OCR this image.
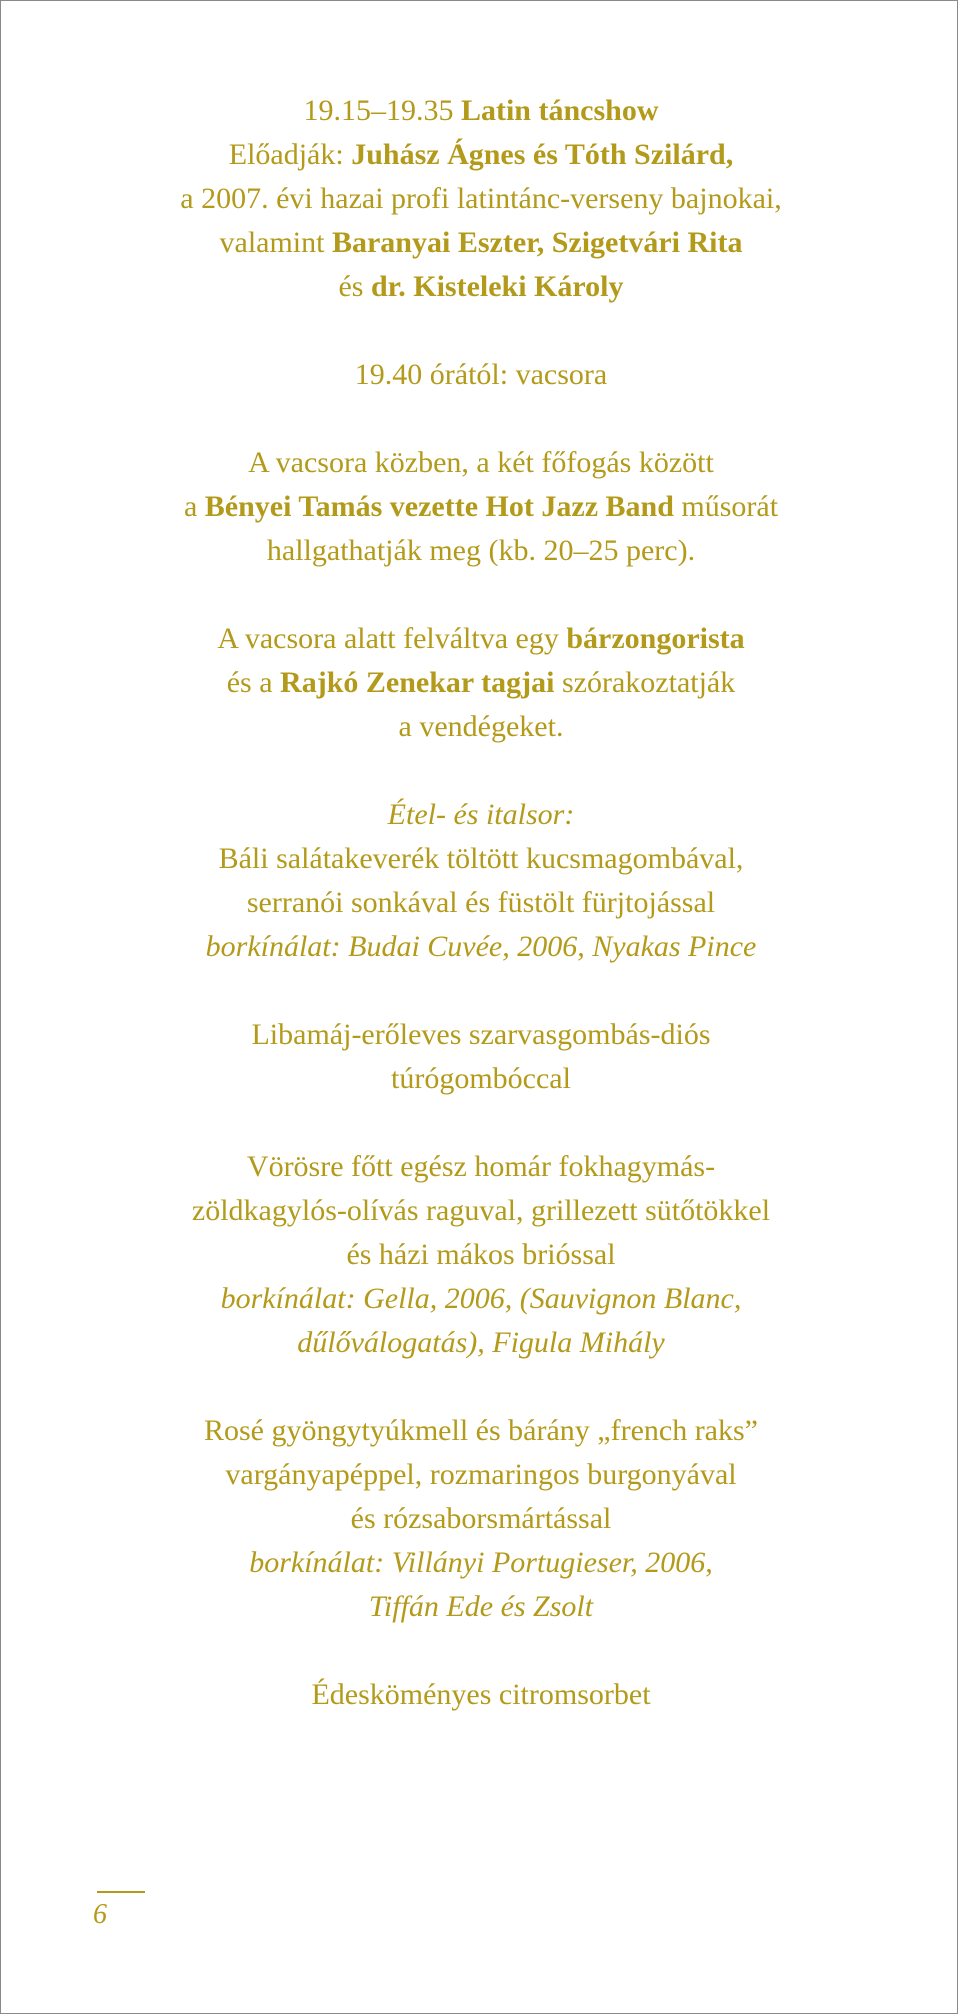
19.15–19.35 Latin táncshow

Előadják: Juhász Ágnes és Tóth Szilárd,

a 2007. évi hazai profi latintánc-verseny bajnokai,

valamint Baranyai Eszter, Szigetvári Rita

és dr. Kisteleki Károly

19.40 órától: vacsora

A vacsora közben, a két főfogás között

a Bényei Tamás vezette Hot Jazz Band műsorát

hallgathatják meg (kb. 20–25 perc).

A vacsora alatt felváltva egy bárzongorista

és a Rajkó Zenekar tagjai szórakoztatják

a vendégeket.

Étel- és italsor:

Báli salátakeverék töltött kucsmagombával,

serranói sonkával és füstölt fürjtojással

borkínálat: Budai Cuvée, 2006, Nyakas Pince

Libamáj-erőleves szarvasgombás-diós

túrógombóccal

Vörösre főtt egész homár fokhagymás-

zöldkagylós-olívás raguval, grillezett sütőtökkel

és házi mákos brióssal

borkínálat: Gella, 2006, (Sauvignon Blanc,

dűlőválogatás), Figula Mihály

Rosé gyöngytyúkmell és bárány „french raks”

vargányapéppel, rozmaringos burgonyával

és rózsaborsmártással

borkínálat: Villányi Portugieser, 2006,

Tiffán Ede és Zsolt

Édesköményes citromsorbet

6
